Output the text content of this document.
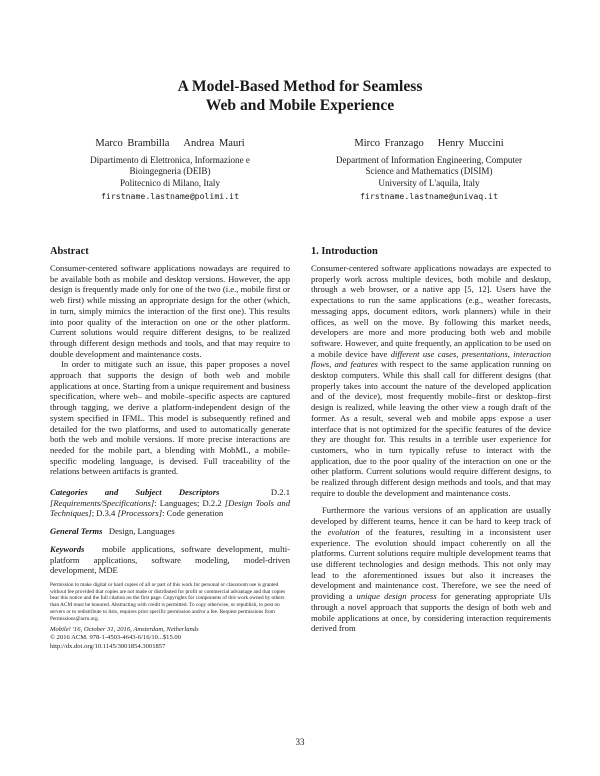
A Model-Based Method for Seamless
Web and Mobile Experience
Marco Brambilla Andrea Mauri
Dipartimento di Elettronica, Informazione e
Bioingegneria (DEIB)
Politecnico di Milano, Italy
firstname.lastname@polimi.it
Mirco Franzago Henry Muccini
Department of Information Engineering, Computer
Science and Mathematics (DISIM)
University of L'aquila, Italy
firstname.lastname@univaq.it
Abstract

Consumer-centered software applications nowadays are required to be available both as mobile and desktop versions. However, the app design is frequently made only for one of the two (i.e., mobile first or web first) while missing an appropriate design for the other (which, in turn, simply mimics the interaction of the first one). This results into poor quality of the interaction on one or the other platform. Current solutions would require different designs, to be realized through different design methods and tools, and that may require to double development and maintenance costs.

In order to mitigate such an issue, this paper proposes a novel approach that supports the design of both web and mobile applications at once. Starting from a unique requirement and business specification, where web– and mobile–specific aspects are captured through tagging, we derive a platform-independent design of the system specified in IFML. This model is subsequently refined and detailed for the two platforms, and used to automatically generate both the web and mobile versions. If more precise interactions are needed for the mobile part, a blending with MobML, a mobile-specific modeling language, is devised. Full traceability of the relations between artifacts is granted.

Categories and Subject Descriptors	D.2.1 [Requirements/Specifications]: Languages; D.2.2 [Design Tools and Techniques]; D.3.4 [Processors]: Code generation

General Terms Design, Languages

Keywords mobile applications, software development, multi-platform applications, software modeling, model-driven development, MDE

Permission to make digital or hard copies of all or part of this work for personal or classroom use is granted without fee provided that copies are not made or distributed for profit or commercial advantage and that copies bear this notice and the full citation on the first page. Copyrights for components of this work owned by others than ACM must be honored. Abstracting with credit is permitted. To copy otherwise, or republish, to post on servers or to redistribute to lists, requires prior specific permission and/or a fee. Request permissions from Permissions@acm.org.
Mobile! '16, October 31, 2016, Amsterdam, Netherlands
© 2016 ACM. 978-1-4503-4643-6/16/10...$15.00
http://dx.doi.org/10.1145/3001854.3001857
1. Introduction

Consumer-centered software applications nowadays are expected to properly work across multiple devices, both mobile and desktop, through a web browser, or a native app [5, 12]. Users have the expectations to run the same applications (e.g., weather forecasts, messaging apps, document editors, work planners) while in their offices, as well on the move. By following this market needs, developers are more and more producing both web and mobile software. However, and quite frequently, an application to be used on a mobile device have different use cases, presentations, interaction flows, and features with respect to the same application running on desktop computers. While this shall call for different designs (that properly takes into account the nature of the developed application and of the device), most frequently mobile–first or desktop–first design is realized, while leaving the other view a rough draft of the former. As a result, several web and mobile apps expose a user interface that is not optimized for the specific features of the device they are thought for. This results in a terrible user experience for customers, who in turn typically refuse to interact with the application, due to the poor quality of the interaction on one or the other platform. Current solutions would require different designs, to be realized through different design methods and tools, and that may require to double the development and maintenance costs.

Furthermore the various versions of an application are usually developed by different teams, hence it can be hard to keep track of the evolution of the features, resulting in a inconsistent user experience. The evolution should impact coherently on all the platforms. Current solutions require multiple development teams that use different technologies and design methods. This not only may lead to the aforementioned issues but also it increases the development and maintenance cost. Therefore, we see the need of providing a unique design process for generating appropriate UIs through a novel approach that supports the design of both web and mobile applications at once, by considering interaction requirements derived from

33
